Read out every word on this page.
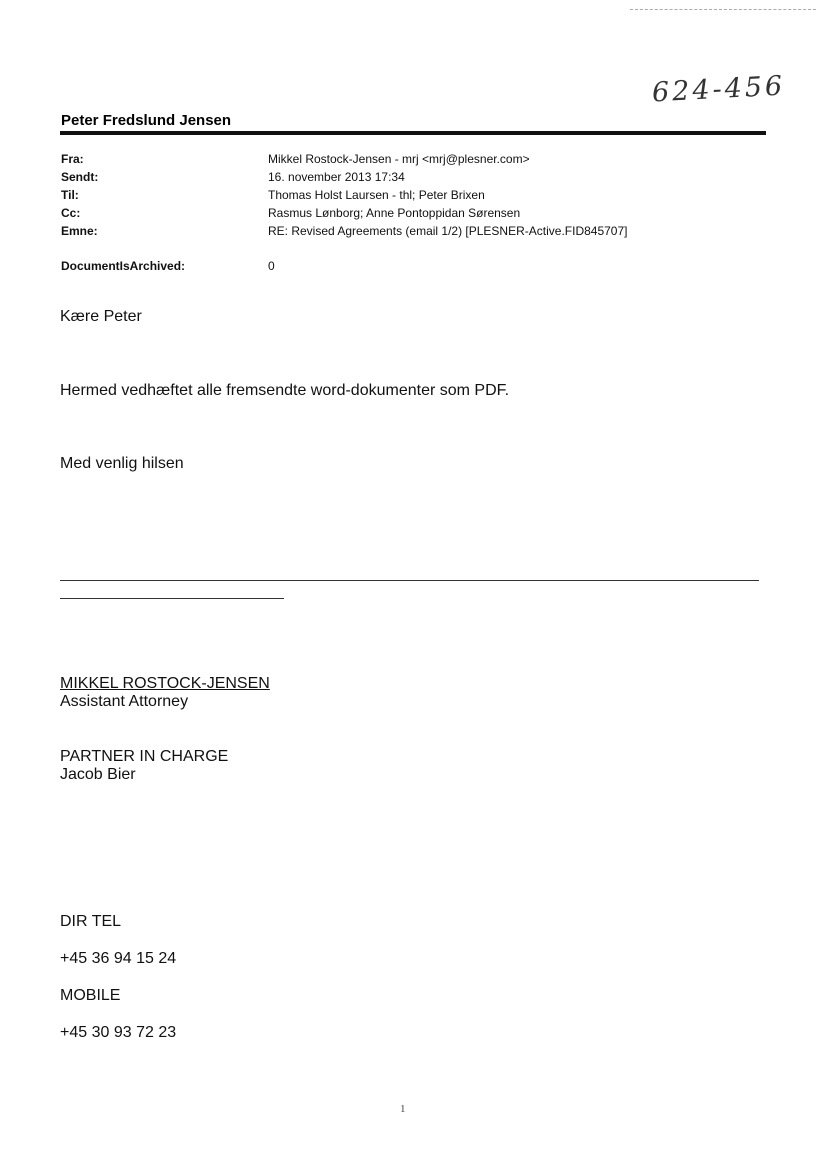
624-456
Peter Fredslund Jensen
Fra:
Sendt:
Til:
Cc:
Emne:
DocumentIsArchived:
Mikkel Rostock-Jensen - mrj <mrj@plesner.com>
16. november 2013 17:34
Thomas Holst Laursen - thl; Peter Brixen
Rasmus Lønborg; Anne Pontoppidan Sørensen
RE: Revised Agreements (email 1/2) [PLESNER-Active.FID845707]
0
Kære Peter
Hermed vedhæftet alle fremsendte word-dokumenter som PDF.
Med venlig hilsen
MIKKEL ROSTOCK-JENSEN
Assistant Attorney
PARTNER IN CHARGE
Jacob Bier
DIR TEL
+45 36 94 15 24
MOBILE
+45 30 93 72 23
1
